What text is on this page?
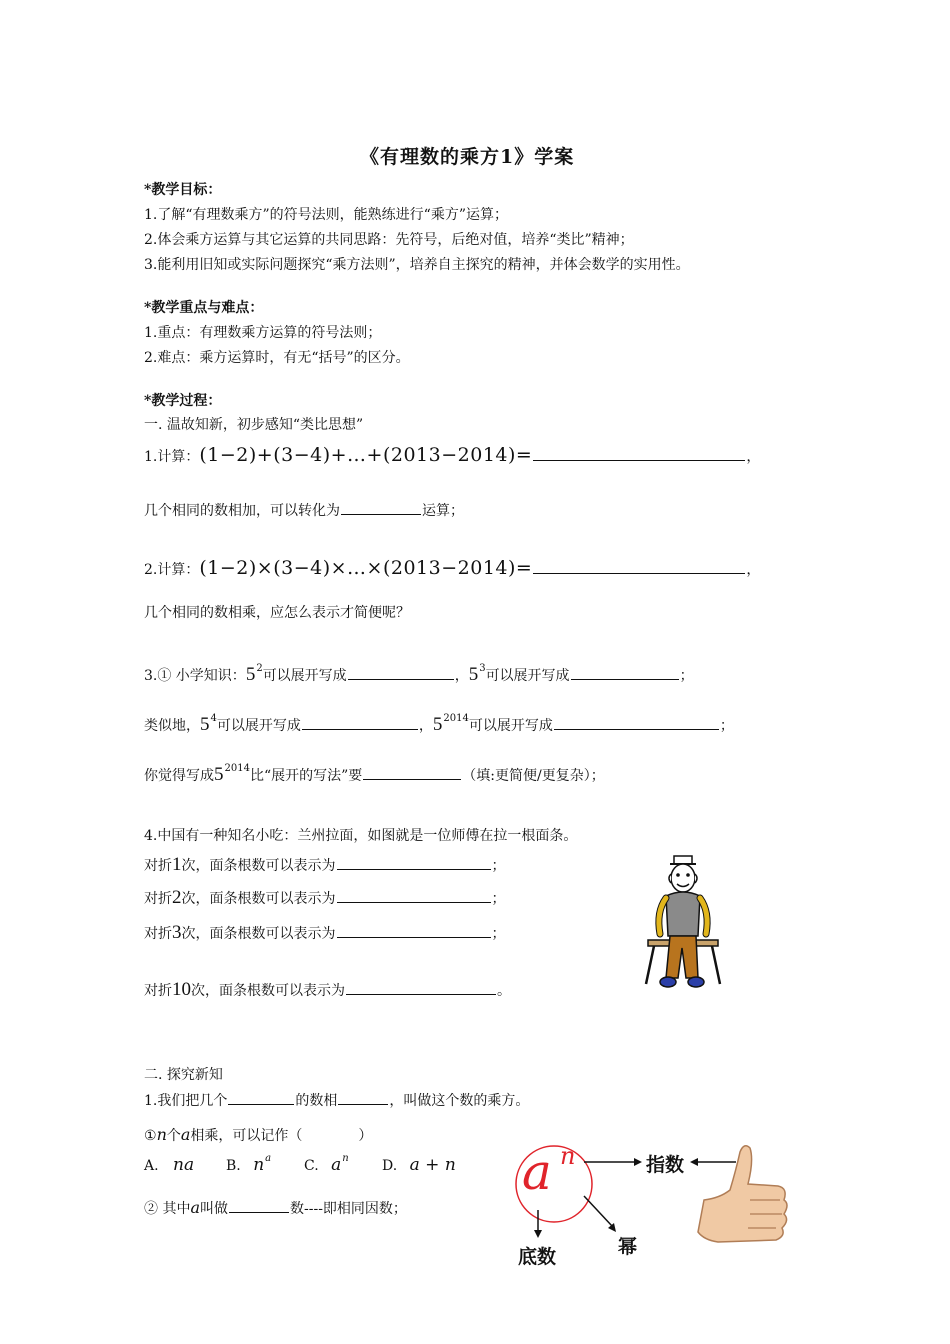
《有理数的乘方1》学案
*教学目标：
1.了解“有理数乘方”的符号法则，能熟练进行“乘方”运算；
2.体会乘方运算与其它运算的共同思路：先符号，后绝对值，培养“类比”精神；
3.能利用旧知或实际问题探究“乘方法则”，培养自主探究的精神，并体会数学的实用性。
*教学重点与难点：
1.重点：有理数乘方运算的符号法则；
2.难点：乘方运算时，有无“括号”的区分。
*教学过程：
一. 温故知新，初步感知“类比思想”
1.计算：(1−2)+(3−4)+…+(2013−2014)=	，
几个相同的数相加，可以转化为	运算；
2.计算：(1−2)×(3−4)×…×(2013−2014)=	，
几个相同的数相乘，应怎么表示才简便呢？
3.① 小学知识：$5^2$可以展开写成	，$5^3$可以展开写成	；
类似地，$5^4$可以展开写成	，$5^{2014}$可以展开写成	；
你觉得写成$5^{2014}$比“展开的写法”要	（填:更简便/更复杂）；
4.中国有一种知名小吃：兰州拉面，如图就是一位师傅在拉一根面条。
对折1次，面条根数可以表示为	；
对折2次，面条根数可以表示为	；
对折3次，面条根数可以表示为	；
对折10次，面条根数可以表示为	。
二. 探究新知
1.我们把几个	的数相	，叫做这个数的乘方。
①n个a相乘，可以记作（	）
A. na B. $n^a$ C. $a^n$ D. a + n
② 其中a叫做	数----即相同因数；
a n	指数
底数	幂
